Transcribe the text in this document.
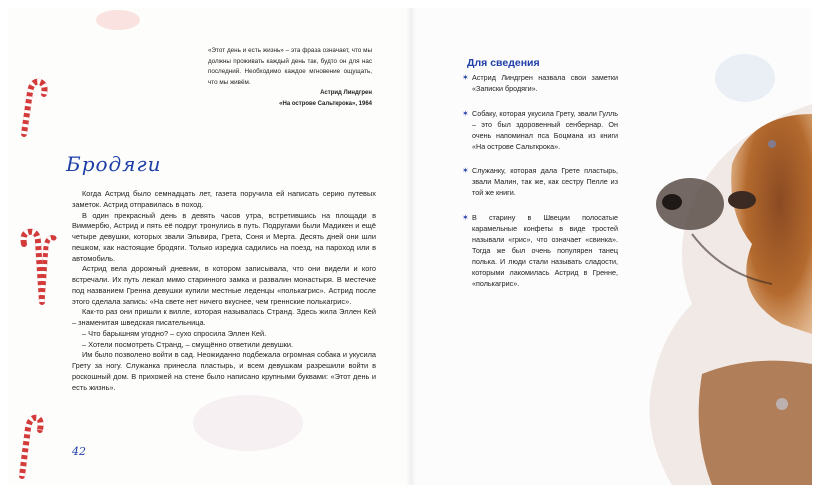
«Этот день и есть жизнь» – эта фраза означает, что мы должны проживать каждый день так, будто он для нас последний. Необходимо каждое мгновение ощущать, что мы живём.

Астрид Линдгрен
«На острове Сальткрока», 1964
Бродяги

Когда Астрид было семнадцать лет, газета поручила ей написать серию путевых заметок. Астрид отправилась в поход.

В один прекрасный день в девять часов утра, встретившись на площади в Виммербю, Астрид и пять её подруг тронулись в путь. Подругами были Мадикен и ещё четыре девушки, которых звали Эльвира, Грета, Соня и Мерта. Десять дней они шли пешком, как настоящие бродяги. Только изредка садились на поезд, на пароход или в автомобиль.

Астрид вела дорожный дневник, в котором записывала, что они видели и кого встречали. Их путь лежал мимо старинного замка и развалин монастыря. В местечке под названием Гренна девушки купили местные леденцы «полькагрис». Астрид после этого сделала запись: «На свете нет ничего вкуснее, чем греннские полькагрис».

Как-то раз они пришли к вилле, которая называлась Странд. Здесь жила Эллен Кей – знаменитая шведская писательница.

– Что барышням угодно? – сухо спросила Эллен Кей.

– Хотели посмотреть Странд, – смущённо ответили девушки.

Им было позволено войти в сад. Неожиданно подбежала огромная собака и укусила Грету за ногу. Служанка принесла пластырь, и всем девушкам разрешили войти в роскошный дом. В прихожей на стене было написано крупными буквами: «Этот день и есть жизнь».

42
Для сведения
✶ Астрид Линдгрен назвала свои заметки «Записки бродяги».
✶ Собаку, которая укусила Грету, звали Гулль – это был здоровенный сенбернар. Он очень напоминал пса Боцмана из книги «На острове Сальткрока».
✶ Служанку, которая дала Грете пластырь, звали Малин, так же, как сестру Пелле из той же книги.
✶ В старину в Швеции полосатые карамельные конфеты в виде тростей называли «грис», что означает «свинка». Тогда же был очень популярен танец полька. И люди стали называть сладости, которыми лакомилась Астрид в Гренне, «полькагрис».
